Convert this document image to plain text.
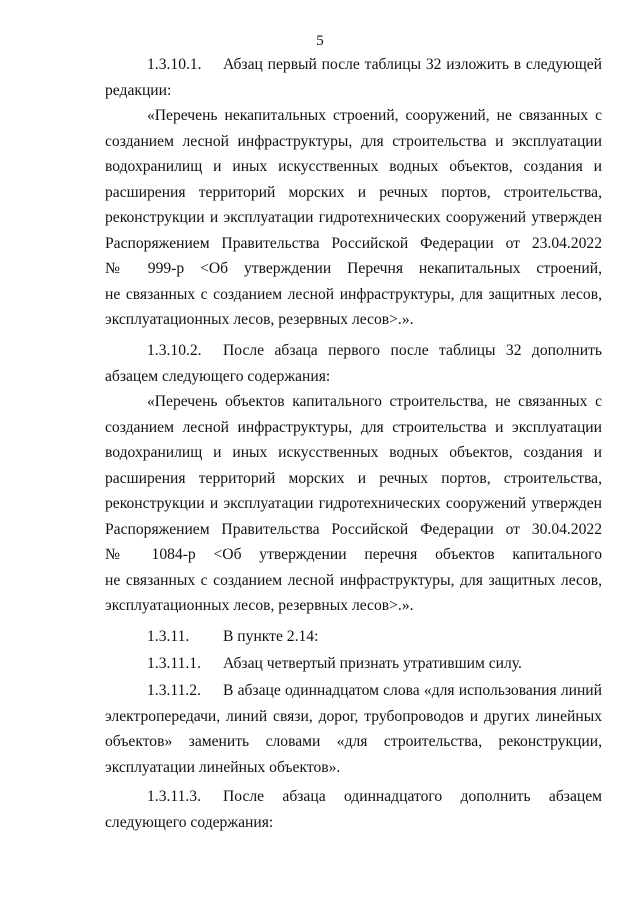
5
1.3.10.1. Абзац первый после таблицы 32 изложить в следующей
редакции:
«Перечень некапитальных строений, сооружений, не связанных с
созданием лесной инфраструктуры, для строительства и эксплуатации
водохранилищ и иных искусственных водных объектов, создания и
расширения территорий морских и речных портов, строительства,
реконструкции и эксплуатации гидротехнических сооружений утвержден
Распоряжением Правительства Российской Федерации от 23.04.2022
№ 999-р <Об утверждении Перечня некапитальных строений,
не связанных с созданием лесной инфраструктуры, для защитных лесов,
эксплуатационных лесов, резервных лесов>.».
1.3.10.2. После абзаца первого после таблицы 32 дополнить
абзацем следующего содержания:
«Перечень объектов капитального строительства, не связанных с
созданием лесной инфраструктуры, для строительства и эксплуатации
водохранилищ и иных искусственных водных объектов, создания и
расширения территорий морских и речных портов, строительства,
реконструкции и эксплуатации гидротехнических сооружений утвержден
Распоряжением Правительства Российской Федерации от 30.04.2022
№ 1084-р <Об утверждении перечня объектов капитального
не связанных с созданием лесной инфраструктуры, для защитных лесов,
эксплуатационных лесов, резервных лесов>.».
1.3.11. В пункте 2.14:
1.3.11.1. Абзац четвертый признать утратившим силу.
1.3.11.2. В абзаце одиннадцатом слова «для использования линий
электропередачи, линий связи, дорог, трубопроводов и других линейных
объектов» заменить словами «для строительства, реконструкции,
эксплуатации линейных объектов».
1.3.11.3. После абзаца одиннадцатого дополнить абзацем
следующего содержания:
